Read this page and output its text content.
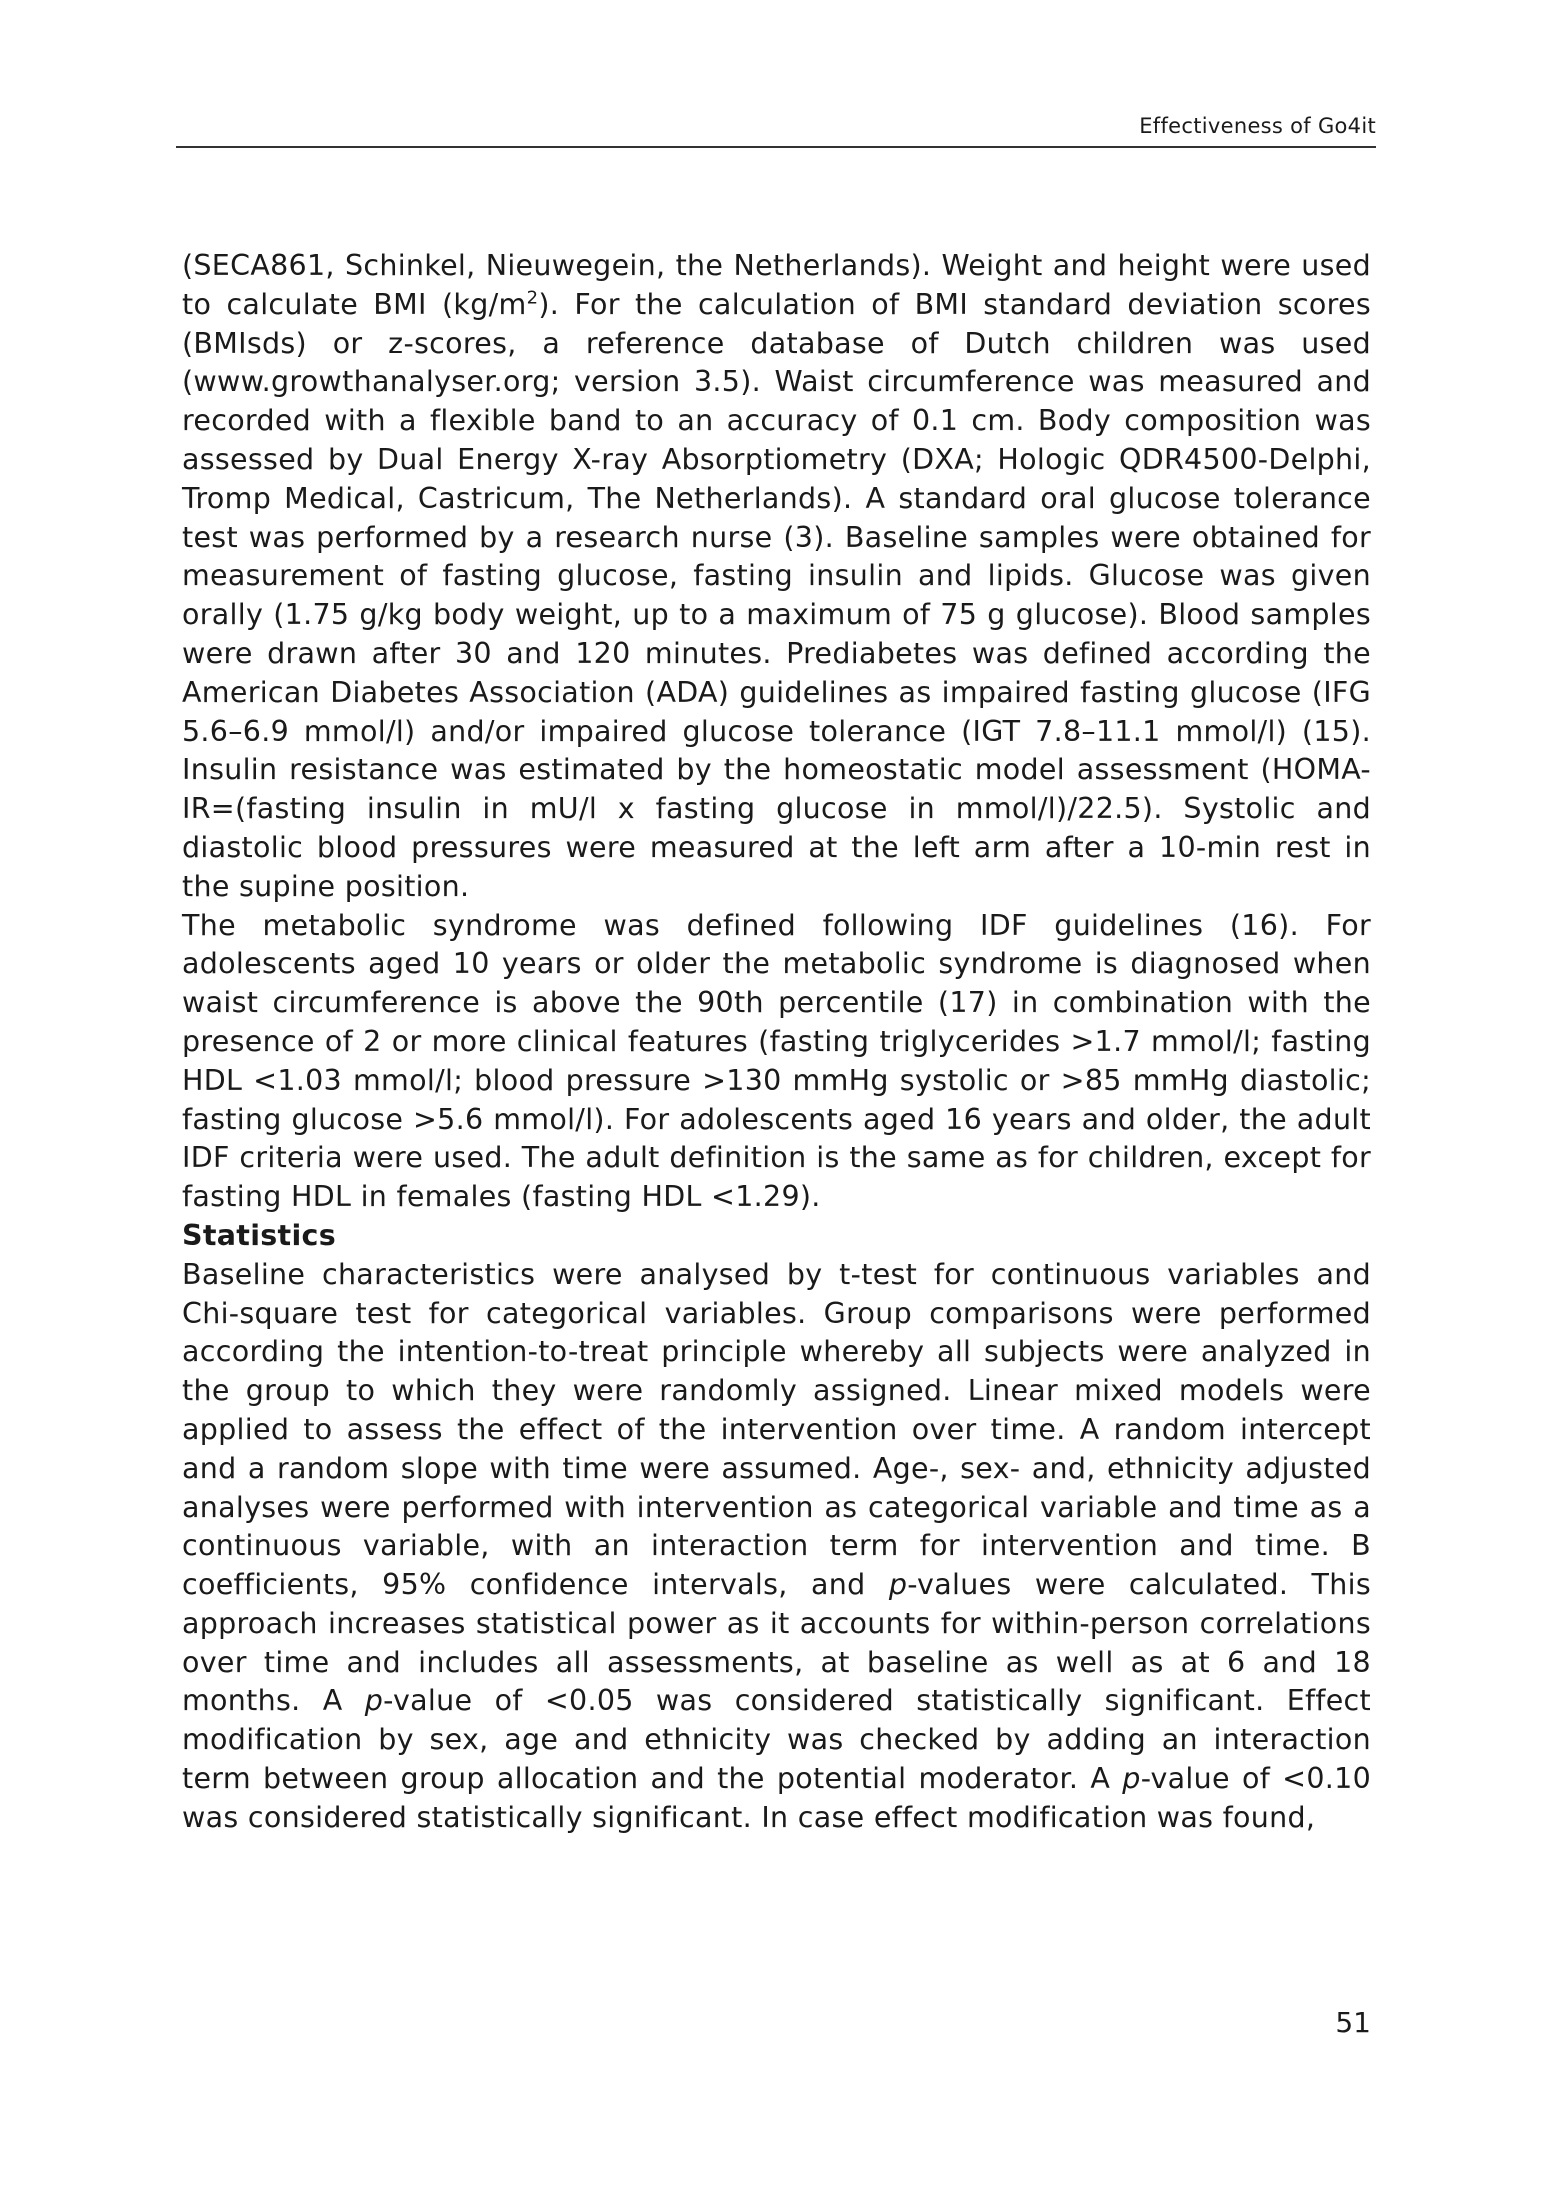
Effectiveness of Go4it

(SECA861, Schinkel, Nieuwegein, the Netherlands). Weight and height were used to calculate BMI $(kg/m^2)$. For the calculation of BMI standard deviation scores (BMIsds) or z-scores, a reference database of Dutch children was used (www.growthanalyser.org; version 3.5). Waist circumference was measured and recorded with a flexible band to an accuracy of 0.1 cm. Body composition was assessed by Dual Energy X-ray Absorptiometry (DXA; Hologic QDR4500-Delphi, Tromp Medical, Castricum, The Netherlands). A standard oral glucose tolerance test was performed by a research nurse (3). Baseline samples were obtained for measurement of fasting glucose, fasting insulin and lipids. Glucose was given orally (1.75 g/kg body weight, up to a maximum of 75 g glucose). Blood samples were drawn after 30 and 120 minutes. Prediabetes was defined according the American Diabetes Association (ADA) guidelines as impaired fasting glucose (IFG 5.6–6.9 mmol/l) and/or impaired glucose tolerance (IGT 7.8–11.1 mmol/l) (15). Insulin resistance was estimated by the homeostatic model assessment (HOMA-IR=(fasting insulin in mU/l x fasting glucose in mmol/l)/22.5). Systolic and diastolic blood pressures were measured at the left arm after a 10-min rest in the supine position.

The metabolic syndrome was defined following IDF guidelines (16). For adolescents aged 10 years or older the metabolic syndrome is diagnosed when waist circumference is above the 90th percentile (17) in combination with the presence of 2 or more clinical features (fasting triglycerides >1.7 mmol/l; fasting HDL <1.03 mmol/l; blood pressure >130 mmHg systolic or >85 mmHg diastolic; fasting glucose >5.6 mmol/l). For adolescents aged 16 years and older, the adult IDF criteria were used. The adult definition is the same as for children, except for fasting HDL in females (fasting HDL <1.29).

Statistics

Baseline characteristics were analysed by t-test for continuous variables and Chi-square test for categorical variables. Group comparisons were performed according the intention-to-treat principle whereby all subjects were analyzed in the group to which they were randomly assigned. Linear mixed models were applied to assess the effect of the intervention over time. A random intercept and a random slope with time were assumed. Age-, sex- and, ethnicity adjusted analyses were performed with intervention as categorical variable and time as a continuous variable, with an interaction term for intervention and time. B coefficients, 95% confidence intervals, and p-values were calculated. This approach increases statistical power as it accounts for within-person correlations over time and includes all assessments, at baseline as well as at 6 and 18 months. A p-value of <0.05 was considered statistically significant. Effect modification by sex, age and ethnicity was checked by adding an interaction term between group allocation and the potential moderator. A p-value of <0.10 was considered statistically significant. In case effect modification was found,

51
